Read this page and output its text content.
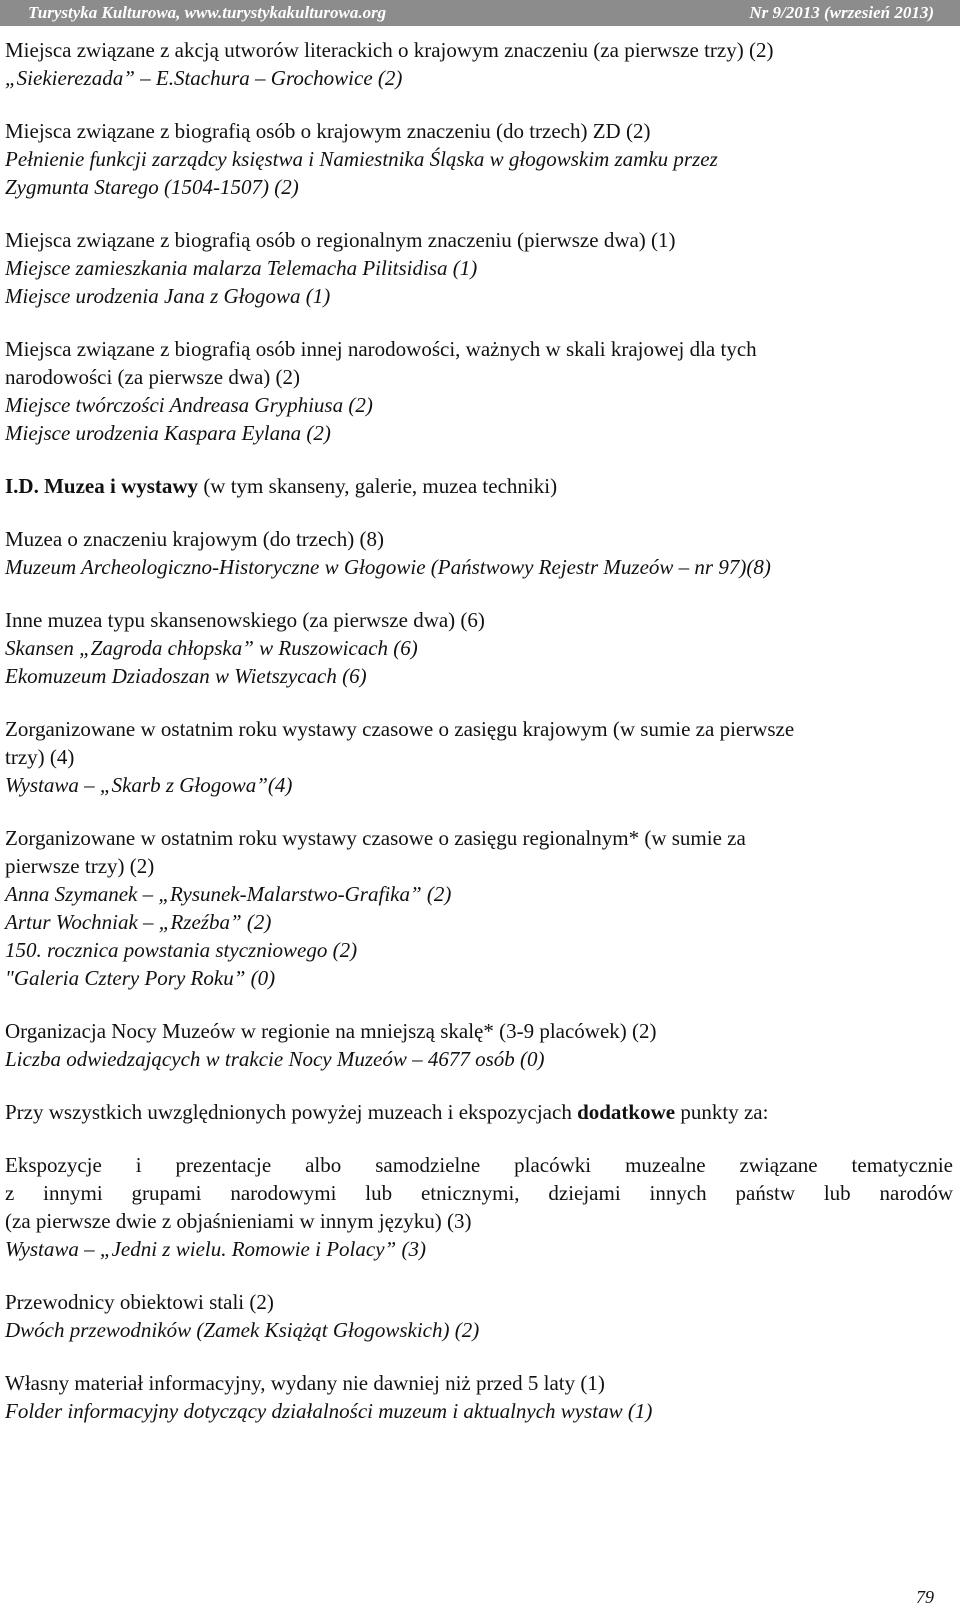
Turystyka Kulturowa, www.turystykakulturowa.org	Nr 9/2013 (wrzesień 2013)
Miejsca związane z akcją utworów literackich o krajowym znaczeniu (za pierwsze trzy) (2)
„Siekierezada” – E.Stachura – Grochowice (2)
Miejsca związane z biografią osób o krajowym znaczeniu (do trzech) ZD (2)
Pełnienie funkcji zarządcy księstwa i Namiestnika Śląska w głogowskim zamku przez
Zygmunta Starego (1504-1507) (2)
Miejsca związane z biografią osób o regionalnym znaczeniu (pierwsze dwa) (1)
Miejsce zamieszkania malarza Telemacha Pilitsidisa (1)
Miejsce urodzenia Jana z Głogowa (1)
Miejsca związane z biografią osób innej narodowości, ważnych w skali krajowej dla tych
narodowości (za pierwsze dwa) (2)
Miejsce twórczości Andreasa Gryphiusa (2)
Miejsce urodzenia Kaspara Eylana (2)
I.D. Muzea i wystawy (w tym skanseny, galerie, muzea techniki)
Muzea o znaczeniu krajowym (do trzech) (8)
Muzeum Archeologiczno-Historyczne w Głogowie (Państwowy Rejestr Muzeów – nr 97)(8)
Inne muzea typu skansenowskiego (za pierwsze dwa) (6)
Skansen „Zagroda chłopska” w Ruszowicach (6)
Ekomuzeum Dziadoszan w Wietszycach (6)
Zorganizowane w ostatnim roku wystawy czasowe o zasięgu krajowym (w sumie za pierwsze
trzy) (4)
Wystawa – „Skarb z Głogowa”(4)
Zorganizowane w ostatnim roku wystawy czasowe o zasięgu regionalnym* (w sumie za
pierwsze trzy) (2)
Anna Szymanek – „Rysunek-Malarstwo-Grafika” (2)
Artur Wochniak – „Rzeźba” (2)
150. rocznica powstania styczniowego (2)
"Galeria Cztery Pory Roku” (0)
Organizacja Nocy Muzeów w regionie na mniejszą skalę* (3-9 placówek) (2)
Liczba odwiedzających w trakcie Nocy Muzeów – 4677 osób (0)
Przy wszystkich uwzględnionych powyżej muzeach i ekspozycjach dodatkowe punkty za:
Ekspozycje i prezentacje albo samodzielne placówki muzealne związane tematycznie
z innymi grupami narodowymi lub etnicznymi, dziejami innych państw lub narodów
(za pierwsze dwie z objaśnieniami w innym języku) (3)
Wystawa – „Jedni z wielu. Romowie i Polacy” (3)
Przewodnicy obiektowi stali (2)
Dwóch przewodników (Zamek Książąt Głogowskich) (2)
Własny materiał informacyjny, wydany nie dawniej niż przed 5 laty (1)
Folder informacyjny dotyczący działalności muzeum i aktualnych wystaw (1)
79
